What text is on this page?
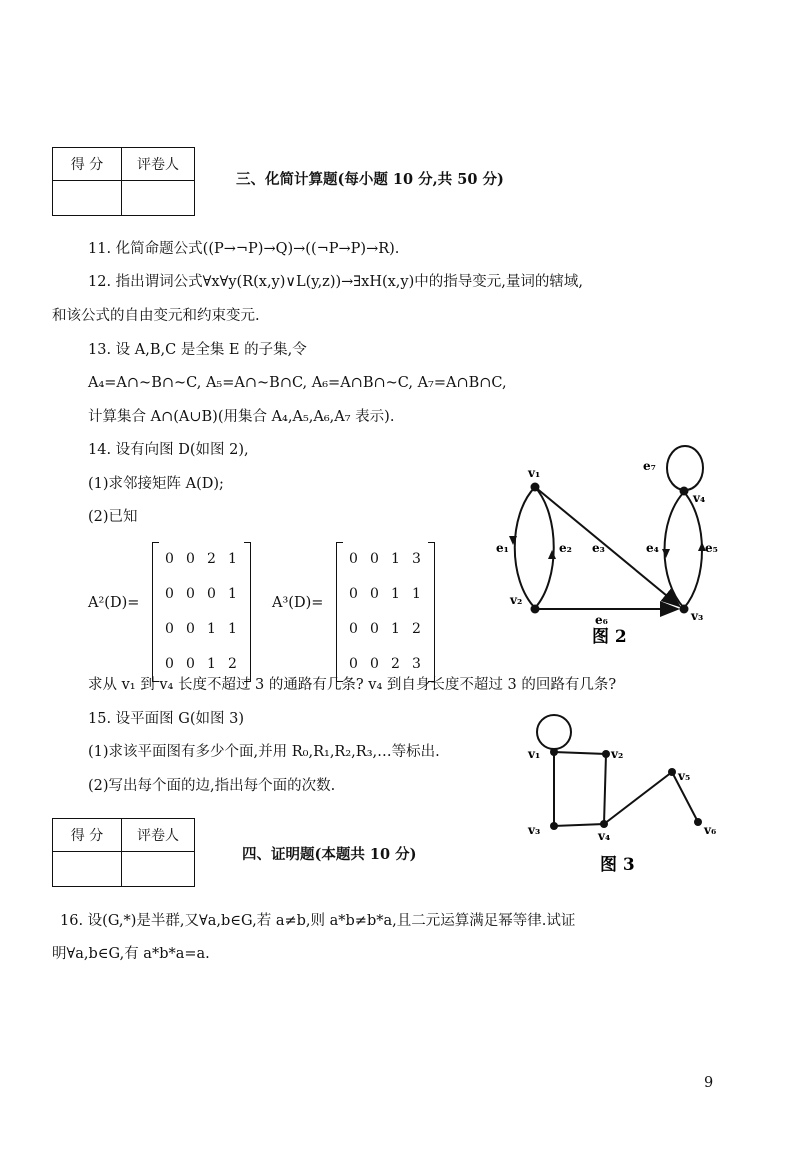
得 分	评卷人

三、化简计算题(每小题 10 分,共 50 分)
11. 化简命题公式((P→¬P)→Q)→((¬P→P)→R).
12. 指出谓词公式∀x∀y(R(x,y)∨L(y,z))→∃xH(x,y)中的指导变元,量词的辖域,
和该公式的自由变元和约束变元.
13. 设 A,B,C 是全集 E 的子集,令
A₄=A∩~B∩~C, A₅=A∩~B∩C, A₆=A∩B∩~C, A₇=A∩B∩C,
计算集合 A∩(A∪B)(用集合 A₄,A₅,A₆,A₇ 表示).
14. 设有向图 D(如图 2),
(1)求邻接矩阵 A(D);
(2)已知
A²(D)=
0 0 2 1
0 0 0 1
0 0 1 1
0 0 1 2
A³(D)=
0 0 1 3
0 0 1 1
0 0 1 2
0 0 2 3
v₁
v₂
v₃
v₄
e₁	e₂ e₃	e₄	e₅
e₆
e₇
图 2
求从 v₁ 到 v₄ 长度不超过 3 的通路有几条? v₄ 到自身长度不超过 3 的回路有几条?
15. 设平面图 G(如图 3)
(1)求该平面图有多少个面,并用 R₀,R₁,R₂,R₃,…等标出.
(2)写出每个面的边,指出每个面的次数.
v₁	v₂
v₃	v₄
v₅
v₆
图 3
得 分	评卷人

四、证明题(本题共 10 分)
16. 设(G,*)是半群,又∀a,b∈G,若 a≠b,则 a*b≠b*a,且二元运算满足幂等律.试证
明∀a,b∈G,有 a*b*a=a.
9
